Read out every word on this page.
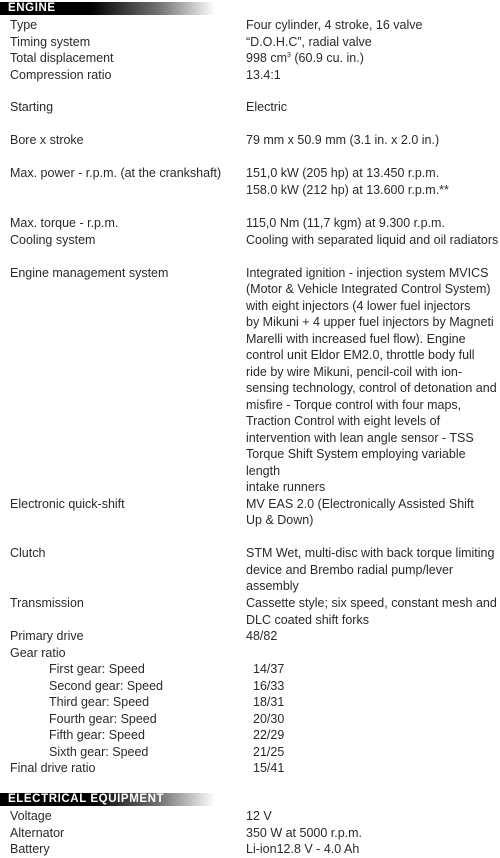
ENGINE
Type	Four cylinder, 4 stroke, 16 valve
Timing system	“D.O.H.C”, radial valve
Total displacement	998 $cm^3$ (60.9 cu. in.)
Compression ratio	13.4:1
Starting	Electric
Bore x stroke	79 mm x 50.9 mm (3.1 in. x 2.0 in.)
Max. power - r.p.m. (at the crankshaft) 151,0 kW (205 hp) at 13.450 r.p.m.
158.0 kW (212 hp) at 13.600 r.p.m.**
Max. torque - r.p.m.	115,0 Nm (11,7 kgm) at 9.300 r.p.m.
Cooling system	Cooling with separated liquid and oil radiators
Engine management system	Integrated ignition - injection system MVICS
(Motor & Vehicle Integrated Control System)
with eight injectors (4 lower fuel injectors
by Mikuni + 4 upper fuel injectors by Magneti
Marelli with increased fuel flow). Engine
control unit Eldor EM2.0, throttle body full
ride by wire Mikuni, pencil-coil with ion-
sensing technology, control of detonation and
misfire - Torque control with four maps,
Traction Control with eight levels of
intervention with lean angle sensor - TSS
Torque Shift System employing variable length
intake runners
Electronic quick-shift	MV EAS 2.0 (Electronically Assisted Shift
Up & Down)
Clutch	STM Wet, multi-disc with back torque limiting
device and Brembo radial pump/lever assembly
Transmission	Cassette style; six speed, constant mesh and
DLC coated shift forks
Primary drive	48/82
Gear ratio
First gear: Speed	14/37
Second gear: Speed	16/33
Third gear: Speed	18/31
Fourth gear: Speed	20/30
Fifth gear: Speed	22/29
Sixth gear: Speed	21/25
Final drive ratio	15/41
ELECTRICAL EQUIPMENT
Voltage	12 V
Alternator	350 W at 5000 r.p.m.
Battery	Li-ion12.8 V - 4.0 Ah
